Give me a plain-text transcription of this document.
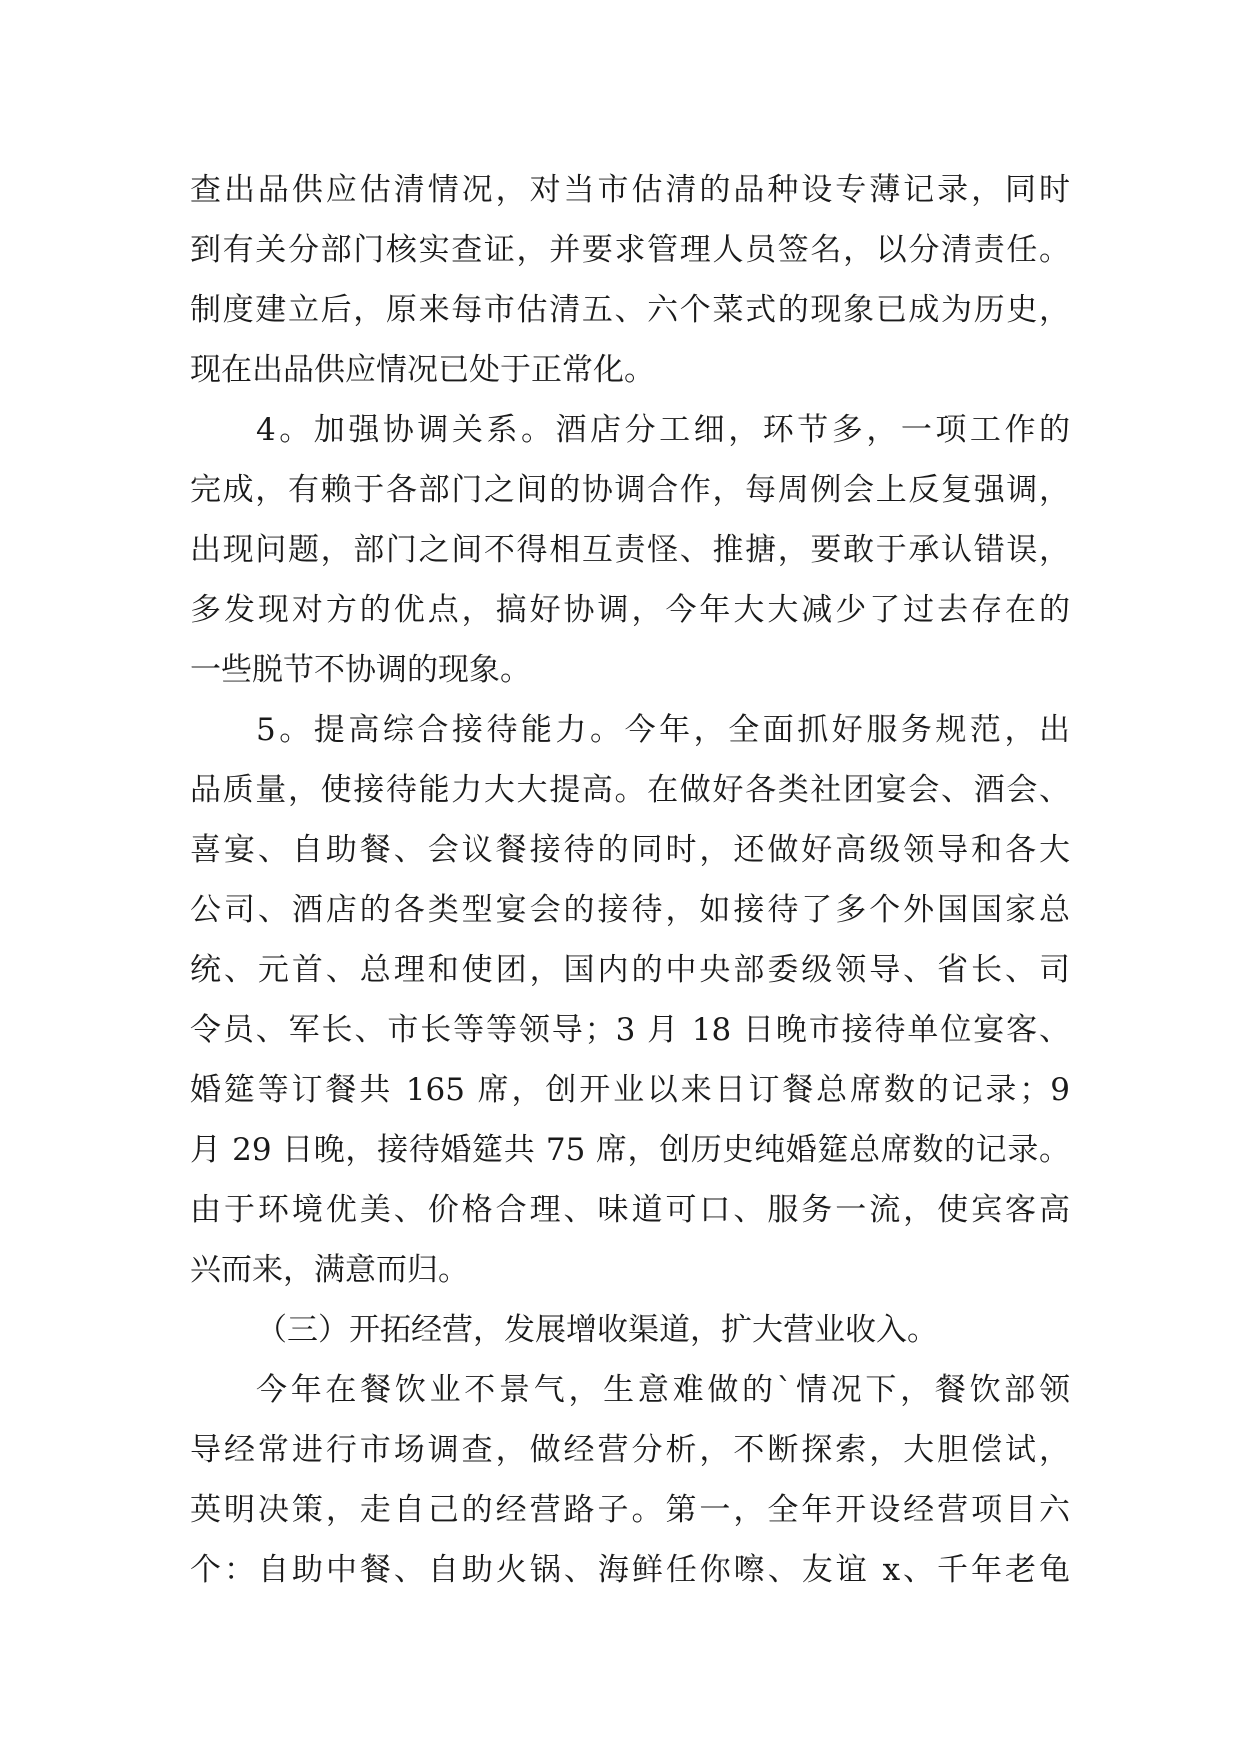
查出品供应估清情况，对当市估清的品种设专薄记录，同时
到有关分部门核实查证，并要求管理人员签名，以分清责任。
制度建立后，原来每市估清五、六个菜式的现象已成为历史，
现在出品供应情况已处于正常化。
4。加强协调关系。酒店分工细，环节多，一项工作的
完成，有赖于各部门之间的协调合作，每周例会上反复强调，
出现问题，部门之间不得相互责怪、推搪，要敢于承认错误，
多发现对方的优点，搞好协调，今年大大减少了过去存在的
一些脱节不协调的现象。
5。提高综合接待能力。今年，全面抓好服务规范，出
品质量，使接待能力大大提高。在做好各类社团宴会、酒会、
喜宴、自助餐、会议餐接待的同时，还做好高级领导和各大
公司、酒店的各类型宴会的接待，如接待了多个外国国家总
统、元首、总理和使团，国内的中央部委级领导、省长、司
令员、军长、市长等等领导；3 月 18 日晚市接待单位宴客、
婚筵等订餐共 165 席，创开业以来日订餐总席数的记录；9
月 29 日晚，接待婚筵共 75 席，创历史纯婚筵总席数的记录。
由于环境优美、价格合理、味道可口、服务一流，使宾客高
兴而来，满意而归。
（三）开拓经营，发展增收渠道，扩大营业收入。
今年在餐饮业不景气，生意难做的`情况下，餐饮部领
导经常进行市场调查，做经营分析，不断探索，大胆偿试，
英明决策，走自己的经营路子。第一，全年开设经营项目六
个：自助中餐、自助火锅、海鲜任你嚓、友谊 x、千年老龟
